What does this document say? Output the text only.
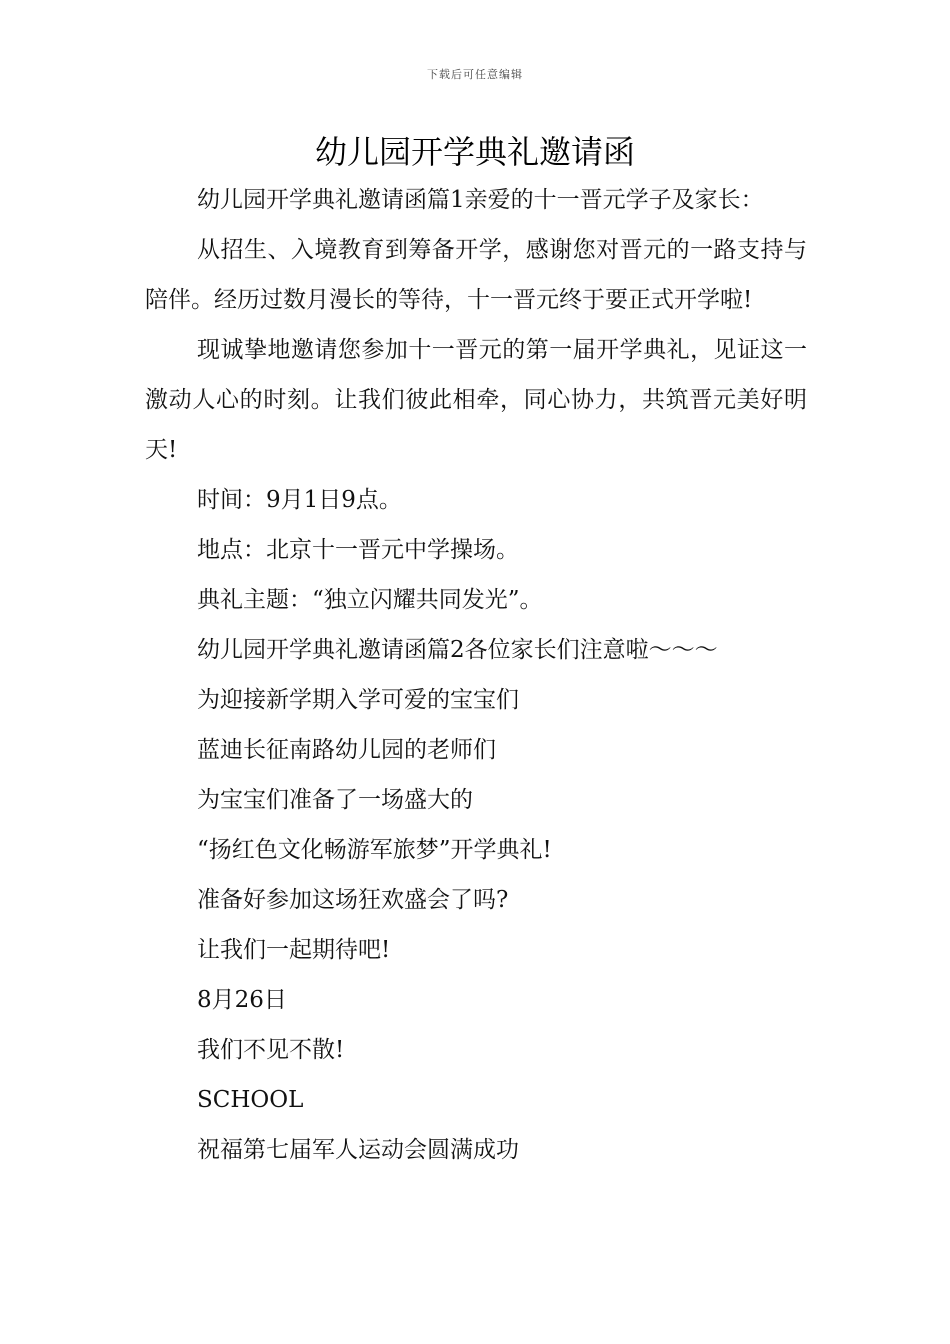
下载后可任意编辑
幼儿园开学典礼邀请函

幼儿园开学典礼邀请函篇1亲爱的十一晋元学子及家长：

从招生、入境教育到筹备开学，感谢您对晋元的一路支持与陪伴。经历过数月漫长的等待，十一晋元终于要正式开学啦!

现诚挚地邀请您参加十一晋元的第一届开学典礼，见证这一激动人心的时刻。让我们彼此相牵，同心协力，共筑晋元美好明天!

时间：9月1日9点。

地点：北京十一晋元中学操场。

典礼主题：“独立闪耀共同发光”。

幼儿园开学典礼邀请函篇2各位家长们注意啦～～～

为迎接新学期入学可爱的宝宝们

蓝迪长征南路幼儿园的老师们

为宝宝们准备了一场盛大的

“扬红色文化畅游军旅梦”开学典礼!

准备好参加这场狂欢盛会了吗?

让我们一起期待吧!

8月26日

我们不见不散!

SCHOOL

祝福第七届军人运动会圆满成功
